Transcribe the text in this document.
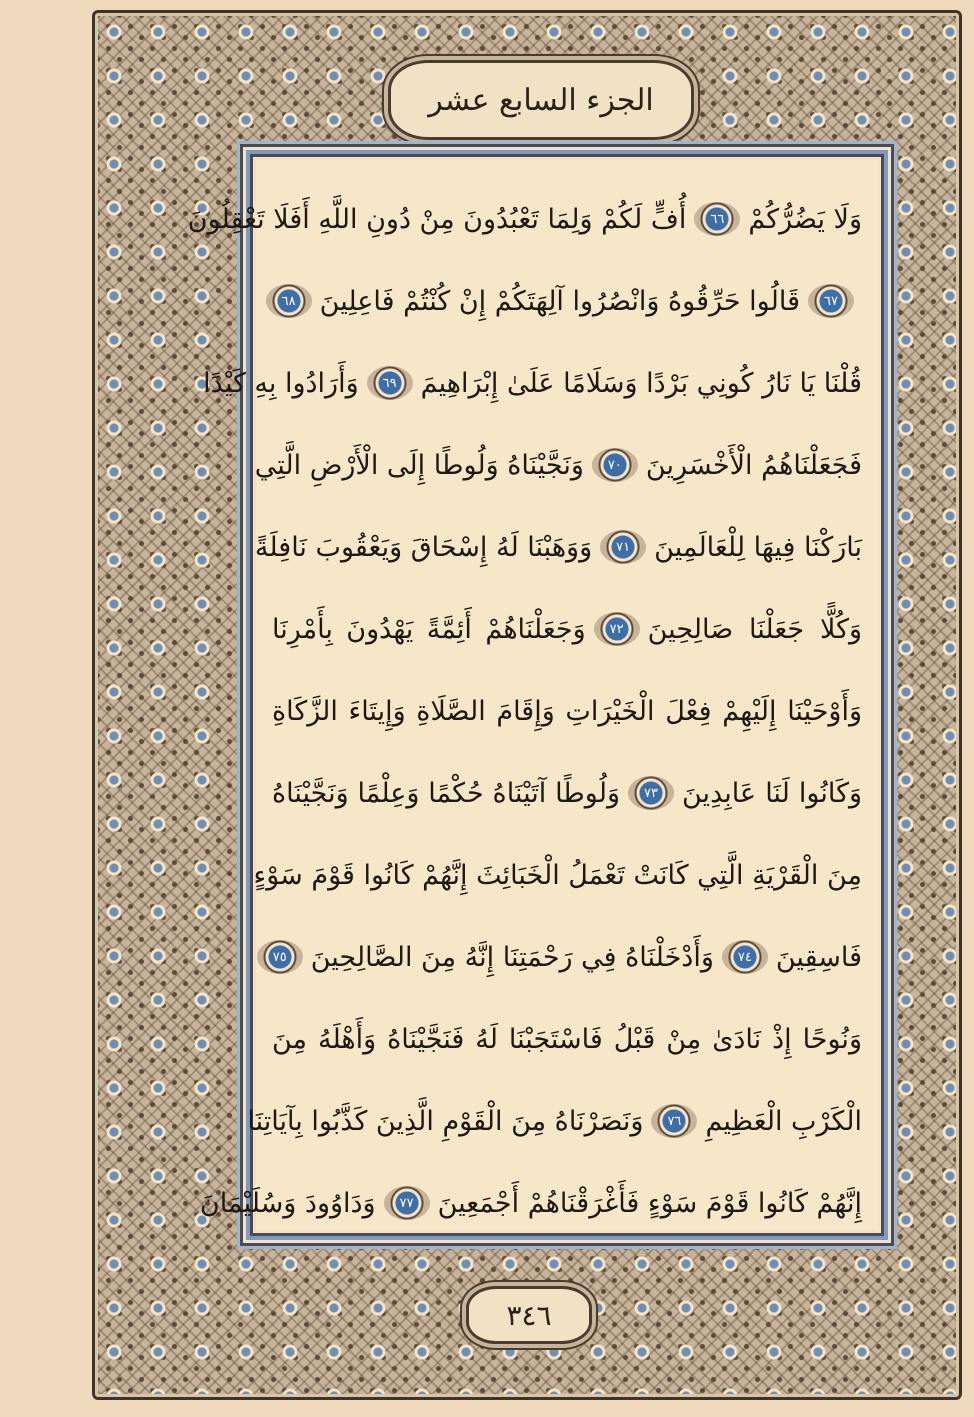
الجزء السابع عشر
وَلَا يَضُرُّكُمْ
٦٦
أُفٍّ لَكُمْ وَلِمَا تَعْبُدُونَ مِنْ دُونِ اللَّهِ أَفَلَا تَعْقِلُونَ
٦٧
قَالُوا حَرِّقُوهُ وَانْصُرُوا آلِهَتَكُمْ إِنْ كُنْتُمْ فَاعِلِينَ
٦٨
قُلْنَا يَا نَارُ كُونِي بَرْدًا وَسَلَامًا عَلَىٰ إِبْرَاهِيمَ
٦٩
وَأَرَادُوا بِهِ كَيْدًا
فَجَعَلْنَاهُمُ الْأَخْسَرِينَ
٧٠
وَنَجَّيْنَاهُ وَلُوطًا إِلَى الْأَرْضِ الَّتِي
بَارَكْنَا فِيهَا لِلْعَالَمِينَ
٧١
وَوَهَبْنَا لَهُ إِسْحَاقَ وَيَعْقُوبَ نَافِلَةً
وَكُلًّا جَعَلْنَا صَالِحِينَ
٧٢
وَجَعَلْنَاهُمْ أَئِمَّةً يَهْدُونَ بِأَمْرِنَا
وَأَوْحَيْنَا إِلَيْهِمْ فِعْلَ الْخَيْرَاتِ وَإِقَامَ الصَّلَاةِ وَإِيتَاءَ الزَّكَاةِ
وَكَانُوا لَنَا عَابِدِينَ
٧٣
وَلُوطًا آتَيْنَاهُ حُكْمًا وَعِلْمًا وَنَجَّيْنَاهُ
مِنَ الْقَرْيَةِ الَّتِي كَانَتْ تَعْمَلُ الْخَبَائِثَ إِنَّهُمْ كَانُوا قَوْمَ سَوْءٍ
فَاسِقِينَ
٧٤
وَأَدْخَلْنَاهُ فِي رَحْمَتِنَا إِنَّهُ مِنَ الصَّالِحِينَ
٧٥
وَنُوحًا إِذْ نَادَىٰ مِنْ قَبْلُ فَاسْتَجَبْنَا لَهُ فَنَجَّيْنَاهُ وَأَهْلَهُ مِنَ
الْكَرْبِ الْعَظِيمِ
٧٦
وَنَصَرْنَاهُ مِنَ الْقَوْمِ الَّذِينَ كَذَّبُوا بِآيَاتِنَا
إِنَّهُمْ كَانُوا قَوْمَ سَوْءٍ فَأَغْرَقْنَاهُمْ أَجْمَعِينَ
٧٧
وَدَاوُودَ وَسُلَيْمَانَ
٣٤٦
